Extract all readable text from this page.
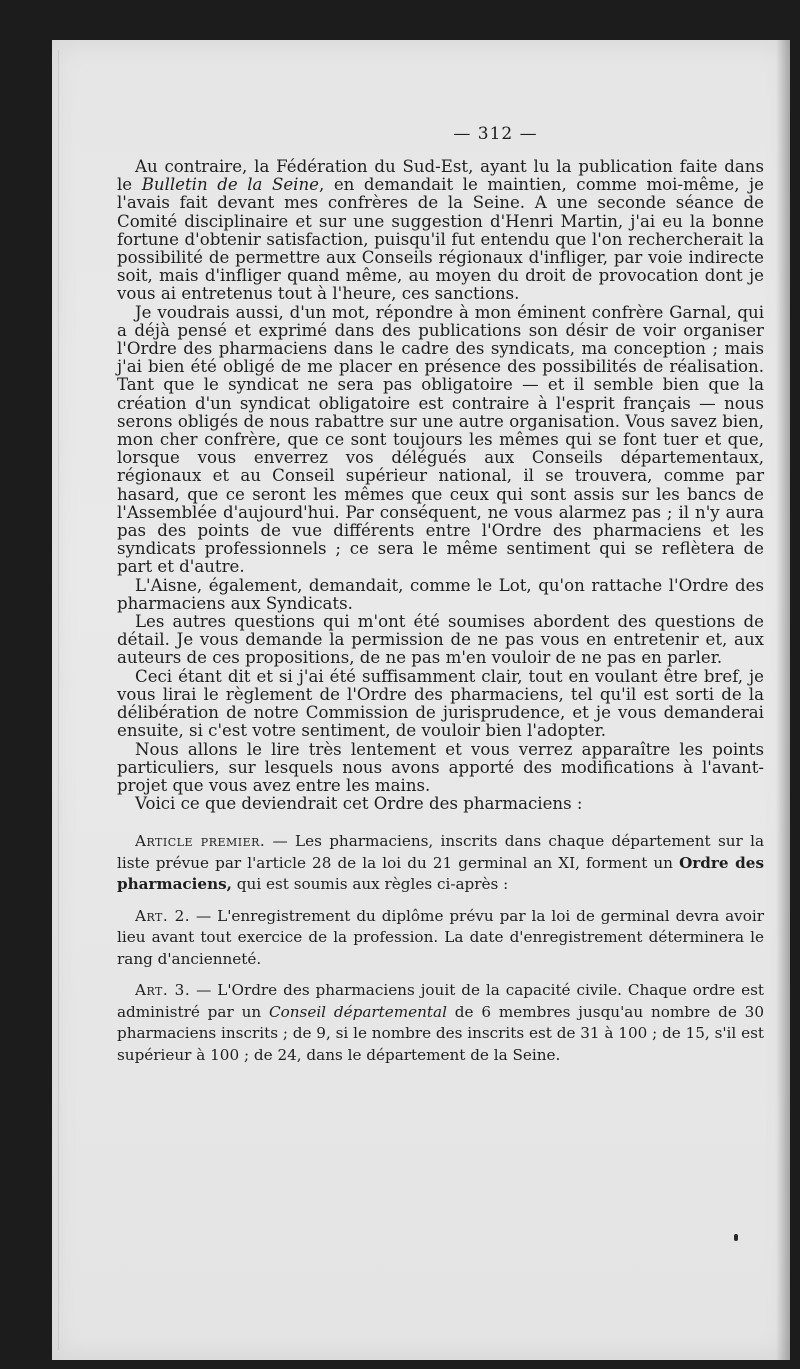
— 312 —

Au contraire, la Fédération du Sud-Est, ayant lu la publication faite dans le Bulletin de la Seine, en demandait le maintien, comme moi-même, je l'avais fait devant mes confrères de la Seine. A une seconde séance de Comité disciplinaire et sur une suggestion d'Henri Martin, j'ai eu la bonne fortune d'obtenir satisfaction, puisqu'il fut entendu que l'on rechercherait la possibilité de permettre aux Conseils régionaux d'infliger, par voie indirecte soit, mais d'infliger quand même, au moyen du droit de provocation dont je vous ai entretenus tout à l'heure, ces sanctions.

Je voudrais aussi, d'un mot, répondre à mon éminent confrère Garnal, qui a déjà pensé et exprimé dans des publications son désir de voir organiser l'Ordre des pharmaciens dans le cadre des syndicats, ma conception ; mais j'ai bien été obligé de me placer en présence des possibilités de réalisation. Tant que le syndicat ne sera pas obligatoire — et il semble bien que la création d'un syndicat obligatoire est contraire à l'esprit français — nous serons obligés de nous rabattre sur une autre organisation. Vous savez bien, mon cher confrère, que ce sont toujours les mêmes qui se font tuer et que, lorsque vous enverrez vos délégués aux Conseils départementaux, régionaux et au Conseil supérieur national, il se trouvera, comme par hasard, que ce seront les mêmes que ceux qui sont assis sur les bancs de l'Assemblée d'aujourd'hui. Par conséquent, ne vous alarmez pas ; il n'y aura pas des points de vue différents entre l'Ordre des pharmaciens et les syndicats professionnels ; ce sera le même sentiment qui se reflètera de part et d'autre.

L'Aisne, également, demandait, comme le Lot, qu'on rattache l'Ordre des pharmaciens aux Syndicats.

Les autres questions qui m'ont été soumises abordent des questions de détail. Je vous demande la permission de ne pas vous en entretenir et, aux auteurs de ces propositions, de ne pas m'en vouloir de ne pas en parler.

Ceci étant dit et si j'ai été suffisamment clair, tout en voulant être bref, je vous lirai le règlement de l'Ordre des pharmaciens, tel qu'il est sorti de la délibération de notre Commission de jurisprudence, et je vous demanderai ensuite, si c'est votre sentiment, de vouloir bien l'adopter.

Nous allons le lire très lentement et vous verrez apparaître les points particuliers, sur lesquels nous avons apporté des modifications à l'avant-projet que vous avez entre les mains.

Voici ce que deviendrait cet Ordre des pharmaciens :

Article premier. — Les pharmaciens, inscrits dans chaque département sur la liste prévue par l'article 28 de la loi du 21 germinal an XI, forment un Ordre des pharmaciens, qui est soumis aux règles ci-après :

Art. 2. — L'enregistrement du diplôme prévu par la loi de germinal devra avoir lieu avant tout exercice de la profession. La date d'enregistrement déterminera le rang d'ancienneté.

Art. 3. — L'Ordre des pharmaciens jouit de la capacité civile. Chaque ordre est administré par un Conseil départemental de 6 membres jusqu'au nombre de 30 pharmaciens inscrits ; de 9, si le nombre des inscrits est de 31 à 100 ; de 15, s'il est supérieur à 100 ; de 24, dans le département de la Seine.
